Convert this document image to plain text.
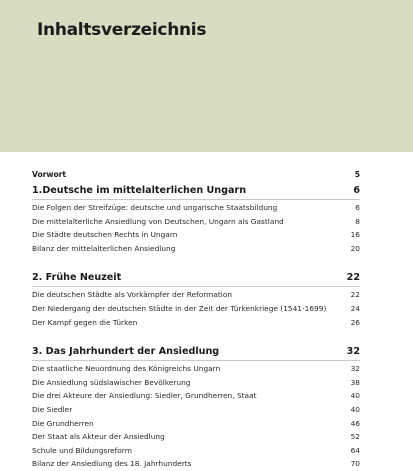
Inhaltsverzeichnis
Vorwort	5
1.Deutsche im mittelalterlichen Ungarn	6
Die Folgen der Streifzüge: deutsche und ungarische Staatsbildung	6
Die mittelalterliche Ansiedlung von Deutschen, Ungarn als Gastland	8
Die Städte deutschen Rechts in Ungarn	16
Bilanz der mittelalterlichen Ansiedlung	20
2. Frühe Neuzeit	22
Die deutschen Städte als Vorkämpfer der Reformation	22
Der Niedergang der deutschen Städte in der Zeit der Türkenkriege (1541-1699)	24
Der Kampf gegen die Türken	26
3. Das Jahrhundert der Ansiedlung	32
Die staatliche Neuordnung des Königreichs Ungarn	32
Die Ansiedlung südslawischer Bevölkerung	38
Die drei Akteure der Ansiedlung: Siedler, Grundherren, Staat	40
Die Siedler	40
Die Grundherren	46
Der Staat als Akteur der Ansiedlung	52
Schule und Bildungsreform	64
Bilanz der Ansiedlung des 18. Jahrhunderts	70
